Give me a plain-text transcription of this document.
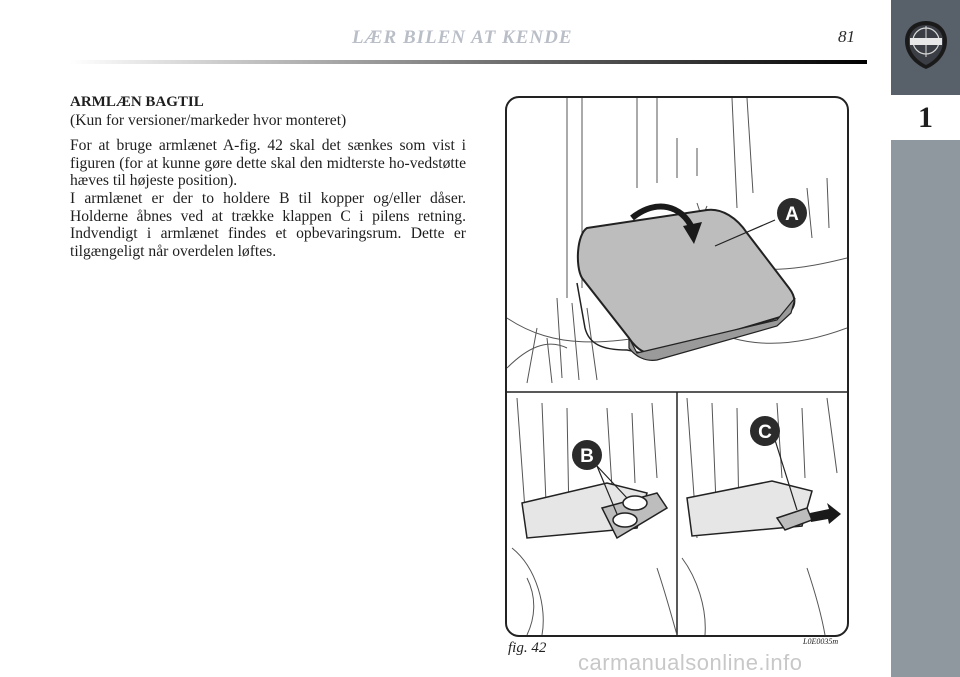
LÆR BILEN AT KENDE	81
1
ARMLÆN BAGTIL
(Kun for versioner/markeder hvor monteret)
For at bruge armlænet A-fig. 42 skal det sænkes som vist i figuren (for at kunne gøre dette skal den midterste ho-vedstøtte hæves til højeste position).
I armlænet er der to holdere B til kopper og/eller dåser. Holderne åbnes ved at trække klappen C i pilens retning. Indvendigt i armlænet findes et opbevaringsrum. Dette er tilgængeligt når overdelen løftes.
A
B
C
fig. 42	L0E0035m
carmanualsonline.info
